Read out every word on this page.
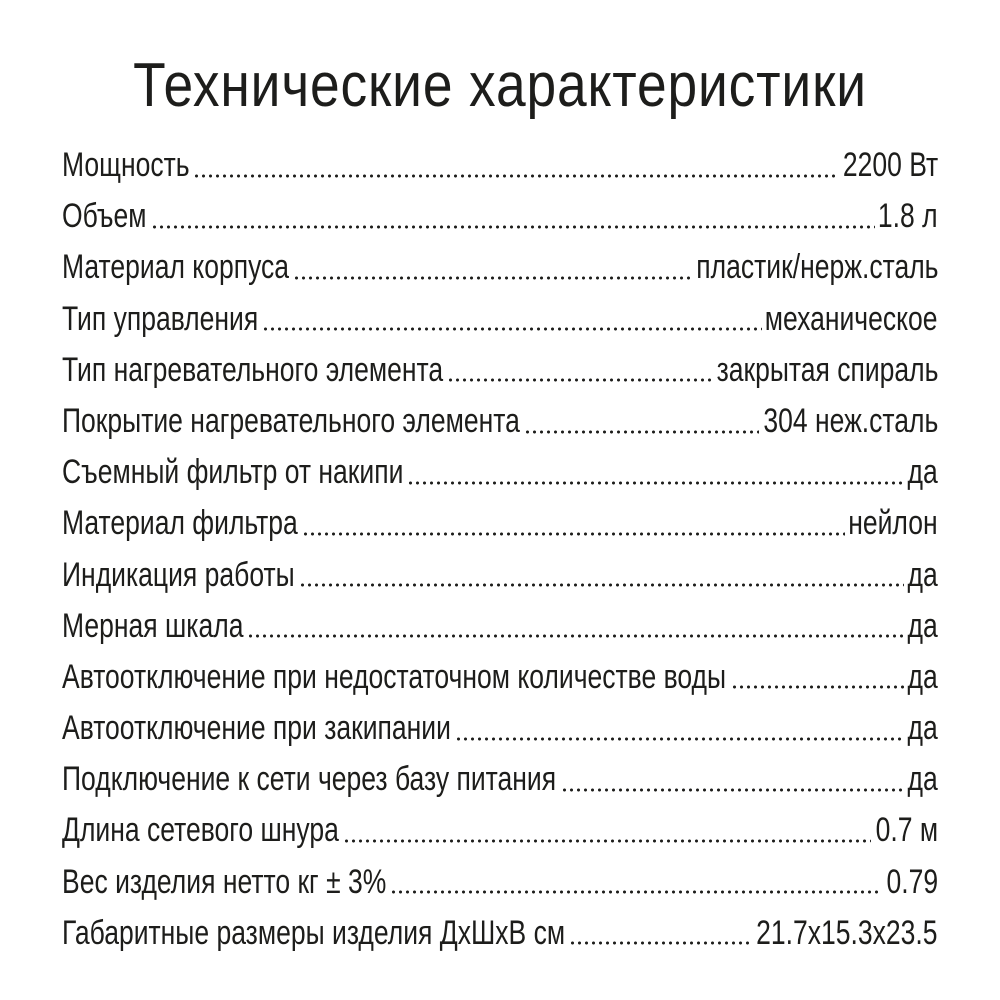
Технические характеристики
Мощность	2200 Вт
Объем	1.8 л
Материал корпуса	пластик/нерж.сталь
Тип управления	механическое
Тип нагревательного элемента	закрытая спираль
Покрытие нагревательного элемента	304 неж.сталь
Съемный фильтр от накипи	да
Материал фильтра	нейлон
Индикация работы	да
Мерная шкала	да
Автоотключение при недостаточном количестве воды	да
Автоотключение при закипании	да
Подключение к сети через базу питания	да
Длина сетевого шнура	0.7 м
Вес изделия нетто кг ± 3%	0.79
Габаритные размеры изделия ДхШхВ см	21.7x15.3x23.5
